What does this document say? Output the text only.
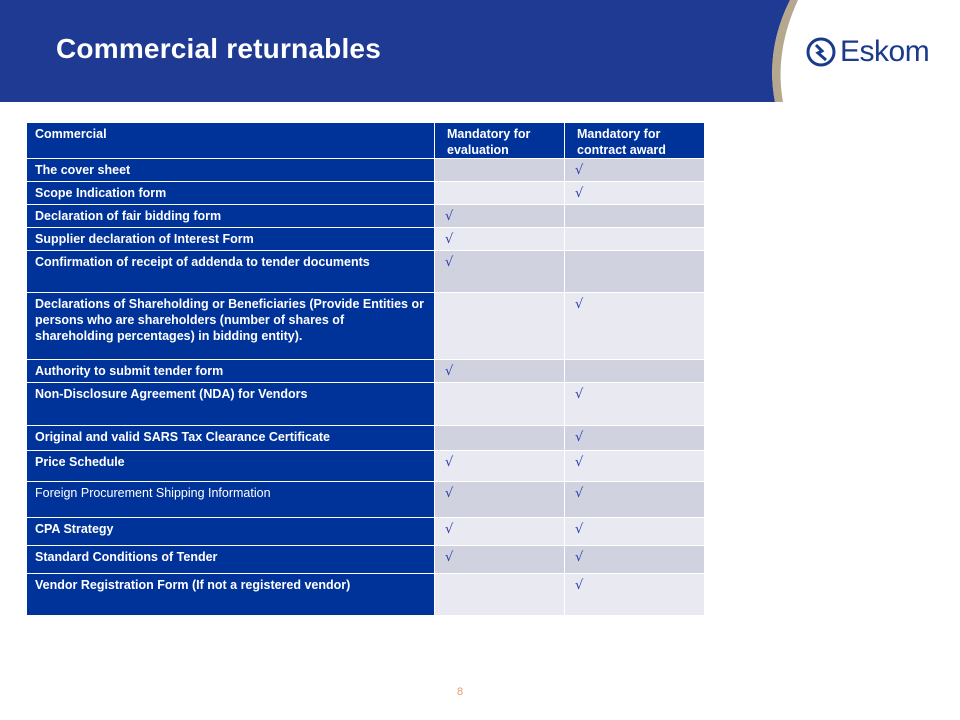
Commercial returnables	Eskom
Commercial	Mandatory for evaluation	Mandatory for contract award
The cover sheet		√
Scope Indication form		√
Declaration of fair bidding form	√	
Supplier declaration of Interest Form	√	
Confirmation of receipt of addenda to tender documents	√	
Declarations of Shareholding or Beneficiaries (Provide Entities or persons who are shareholders (number of shares of shareholding percentages) in bidding entity).		√
Authority to submit tender form	√	
Non-Disclosure Agreement (NDA) for Vendors		√
Original and valid SARS Tax Clearance Certificate		√
Price Schedule	√	√
Foreign Procurement Shipping Information	√	√
CPA Strategy	√	√
Standard Conditions of Tender	√	√
Vendor Registration Form (If not a registered vendor)		√
8
